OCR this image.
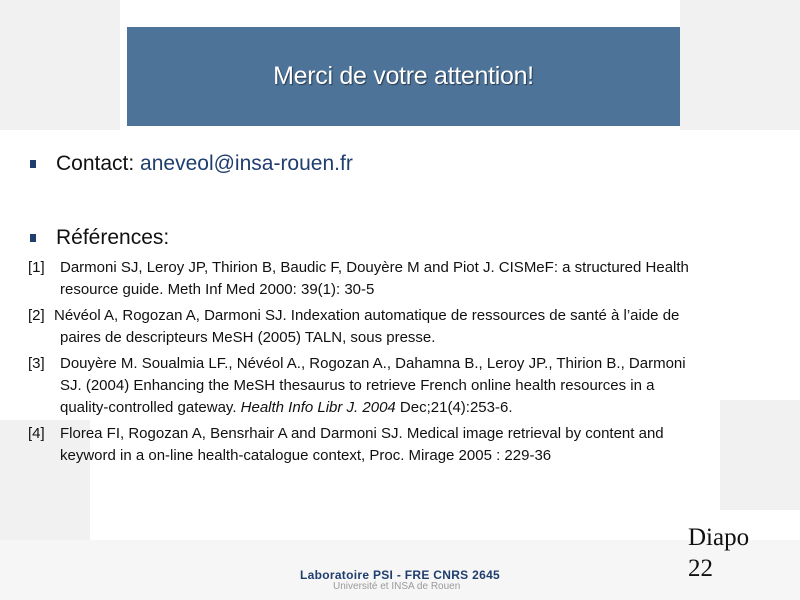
Merci de votre attention!
Contact: aneveol@insa-rouen.fr
Références:
[1] Darmoni SJ, Leroy JP, Thirion B, Baudic F, Douyère M and Piot J. CISMeF: a structured Health
resource guide. Meth Inf Med 2000: 39(1): 30-5
[2] Névéol A, Rogozan A, Darmoni SJ. Indexation automatique de ressources de santé à l’aide de
paires de descripteurs MeSH (2005) TALN, sous presse.
[3] Douyère M. Soualmia LF., Névéol A., Rogozan A., Dahamna B., Leroy JP., Thirion B., Darmoni
SJ. (2004) Enhancing the MeSH thesaurus to retrieve French online health resources in a
quality-controlled gateway. Health Info Libr J. 2004 Dec;21(4):253-6.
[4] Florea FI, Rogozan A, Bensrhair A and Darmoni SJ. Medical image retrieval by content and
keyword in a on-line health-catalogue context, Proc. Mirage 2005 : 229-36
Laboratoire PSI - FRE CNRS 2645
Université et INSA de Rouen
Diapo
22
